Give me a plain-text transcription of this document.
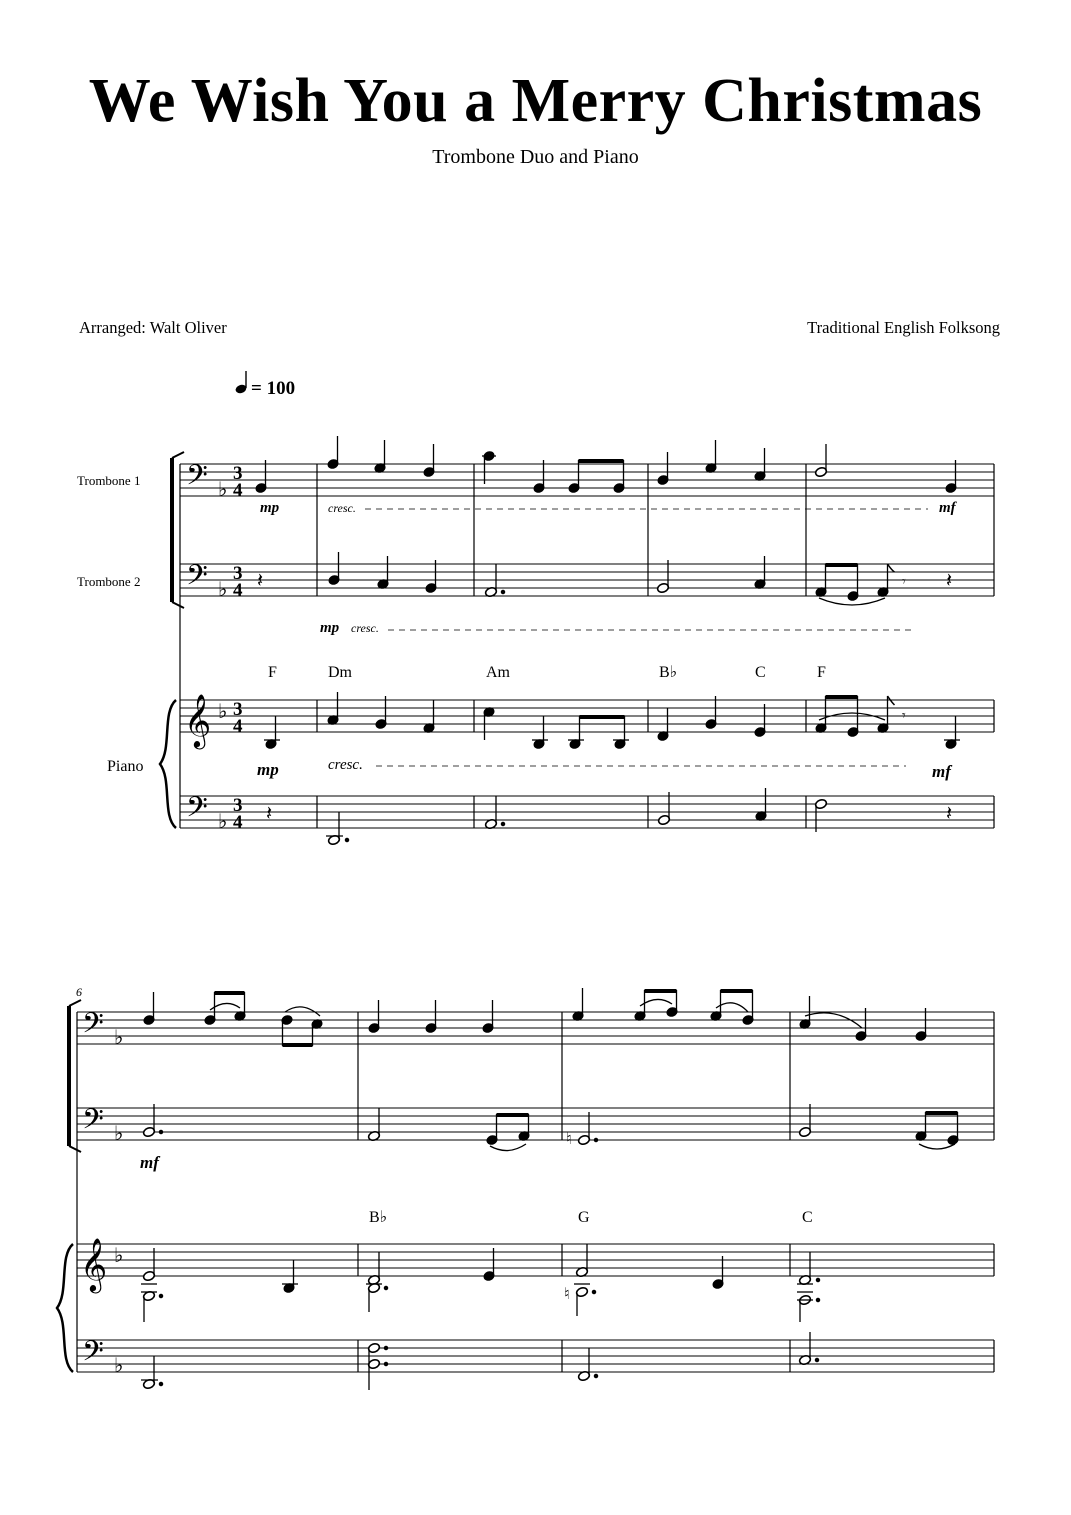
We Wish You a Merry Christmas
Trombone Duo and Piano
Arranged: Walt Oliver	Traditional English Folksong
= 100
Trombone 1
Trombone 2
Piano
𝄢
𝄢
𝄞
𝄢
♭
♭
♭
♭
3
4
3
4
3
4
3
4
mp	cresc.	mf
𝄽	𝄾 𝄽
mp cresc.
F	Dm	Am	B♭	C	F
𝄾
mp	cresc.	mf
𝄽	𝄽
6
𝄢
𝄢
𝄞
𝄢
♭
♭
♭
♭
♮
mf
B♭	G	C
♮
